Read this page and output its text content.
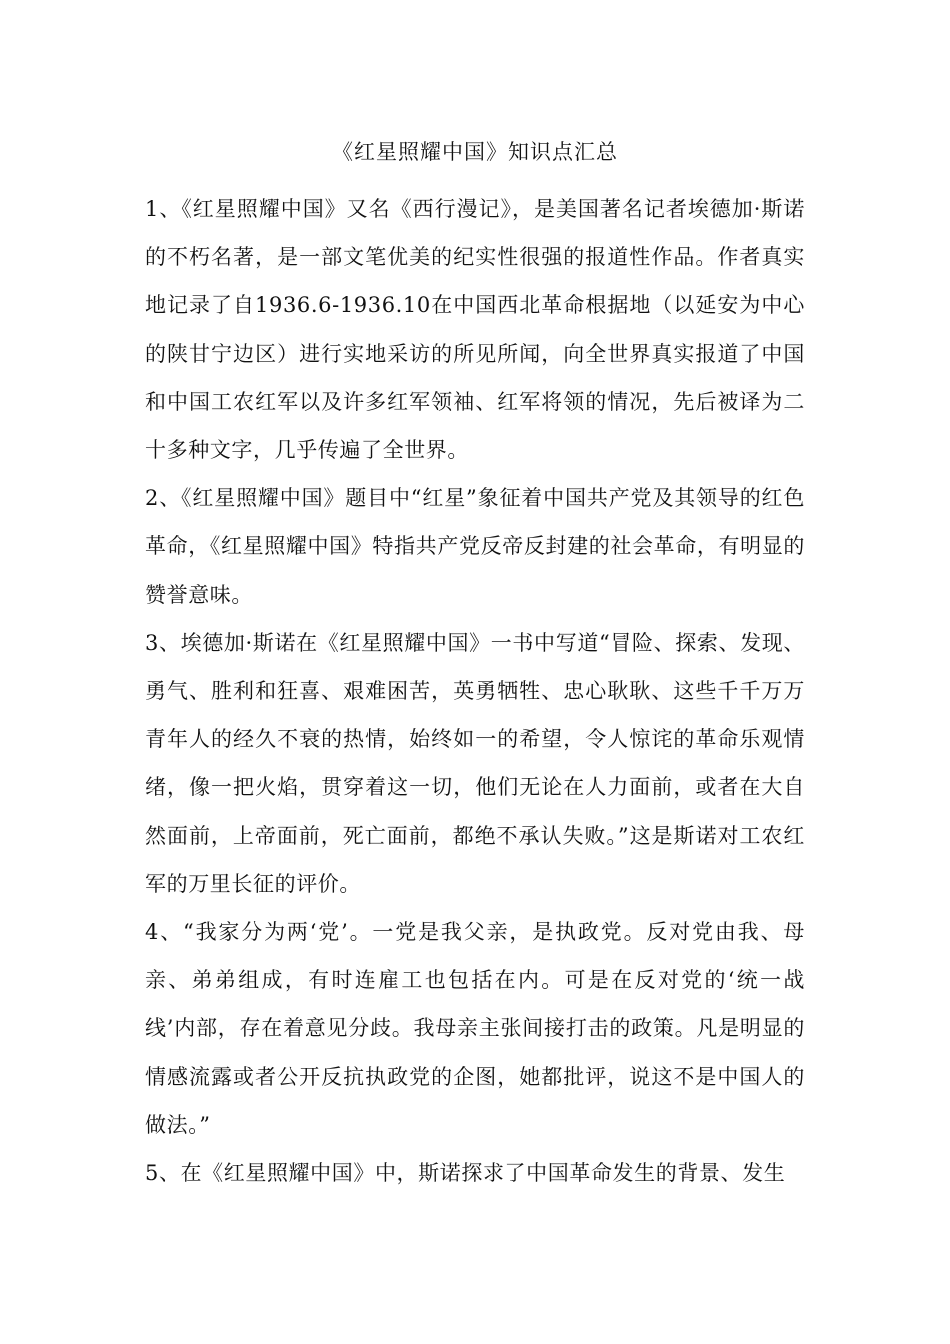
《红星照耀中国》知识点汇总

1、《红星照耀中国》又名《西行漫记》，是美国著名记者埃德加·斯诺的不朽名著，是一部文笔优美的纪实性很强的报道性作品。作者真实地记录了自1936.6-1936.10在中国西北革命根据地（以延安为中心的陕甘宁边区）进行实地采访的所见所闻，向全世界真实报道了中国和中国工农红军以及许多红军领袖、红军将领的情况，先后被译为二十多种文字，几乎传遍了全世界。

2、《红星照耀中国》题目中“红星”象征着中国共产党及其领导的红色革命，《红星照耀中国》特指共产党反帝反封建的社会革命，有明显的赞誉意味。

3、埃德加·斯诺在《红星照耀中国》一书中写道“冒险、探索、发现、勇气、胜利和狂喜、艰难困苦，英勇牺牲、忠心耿耿、这些千千万万青年人的经久不衰的热情，始终如一的希望，令人惊诧的革命乐观情绪，像一把火焰，贯穿着这一切，他们无论在人力面前，或者在大自然面前，上帝面前，死亡面前，都绝不承认失败。”这是斯诺对工农红军的万里长征的评价。

4、“我家分为两‘党’。一党是我父亲，是执政党。反对党由我、母亲、弟弟组成，有时连雇工也包括在内。可是在反对党的‘统一战线’内部，存在着意见分歧。我母亲主张间接打击的政策。凡是明显的情感流露或者公开反抗执政党的企图，她都批评，说这不是中国人的做法。”

5、在《红星照耀中国》中，斯诺探求了中国革命发生的背景、发生
